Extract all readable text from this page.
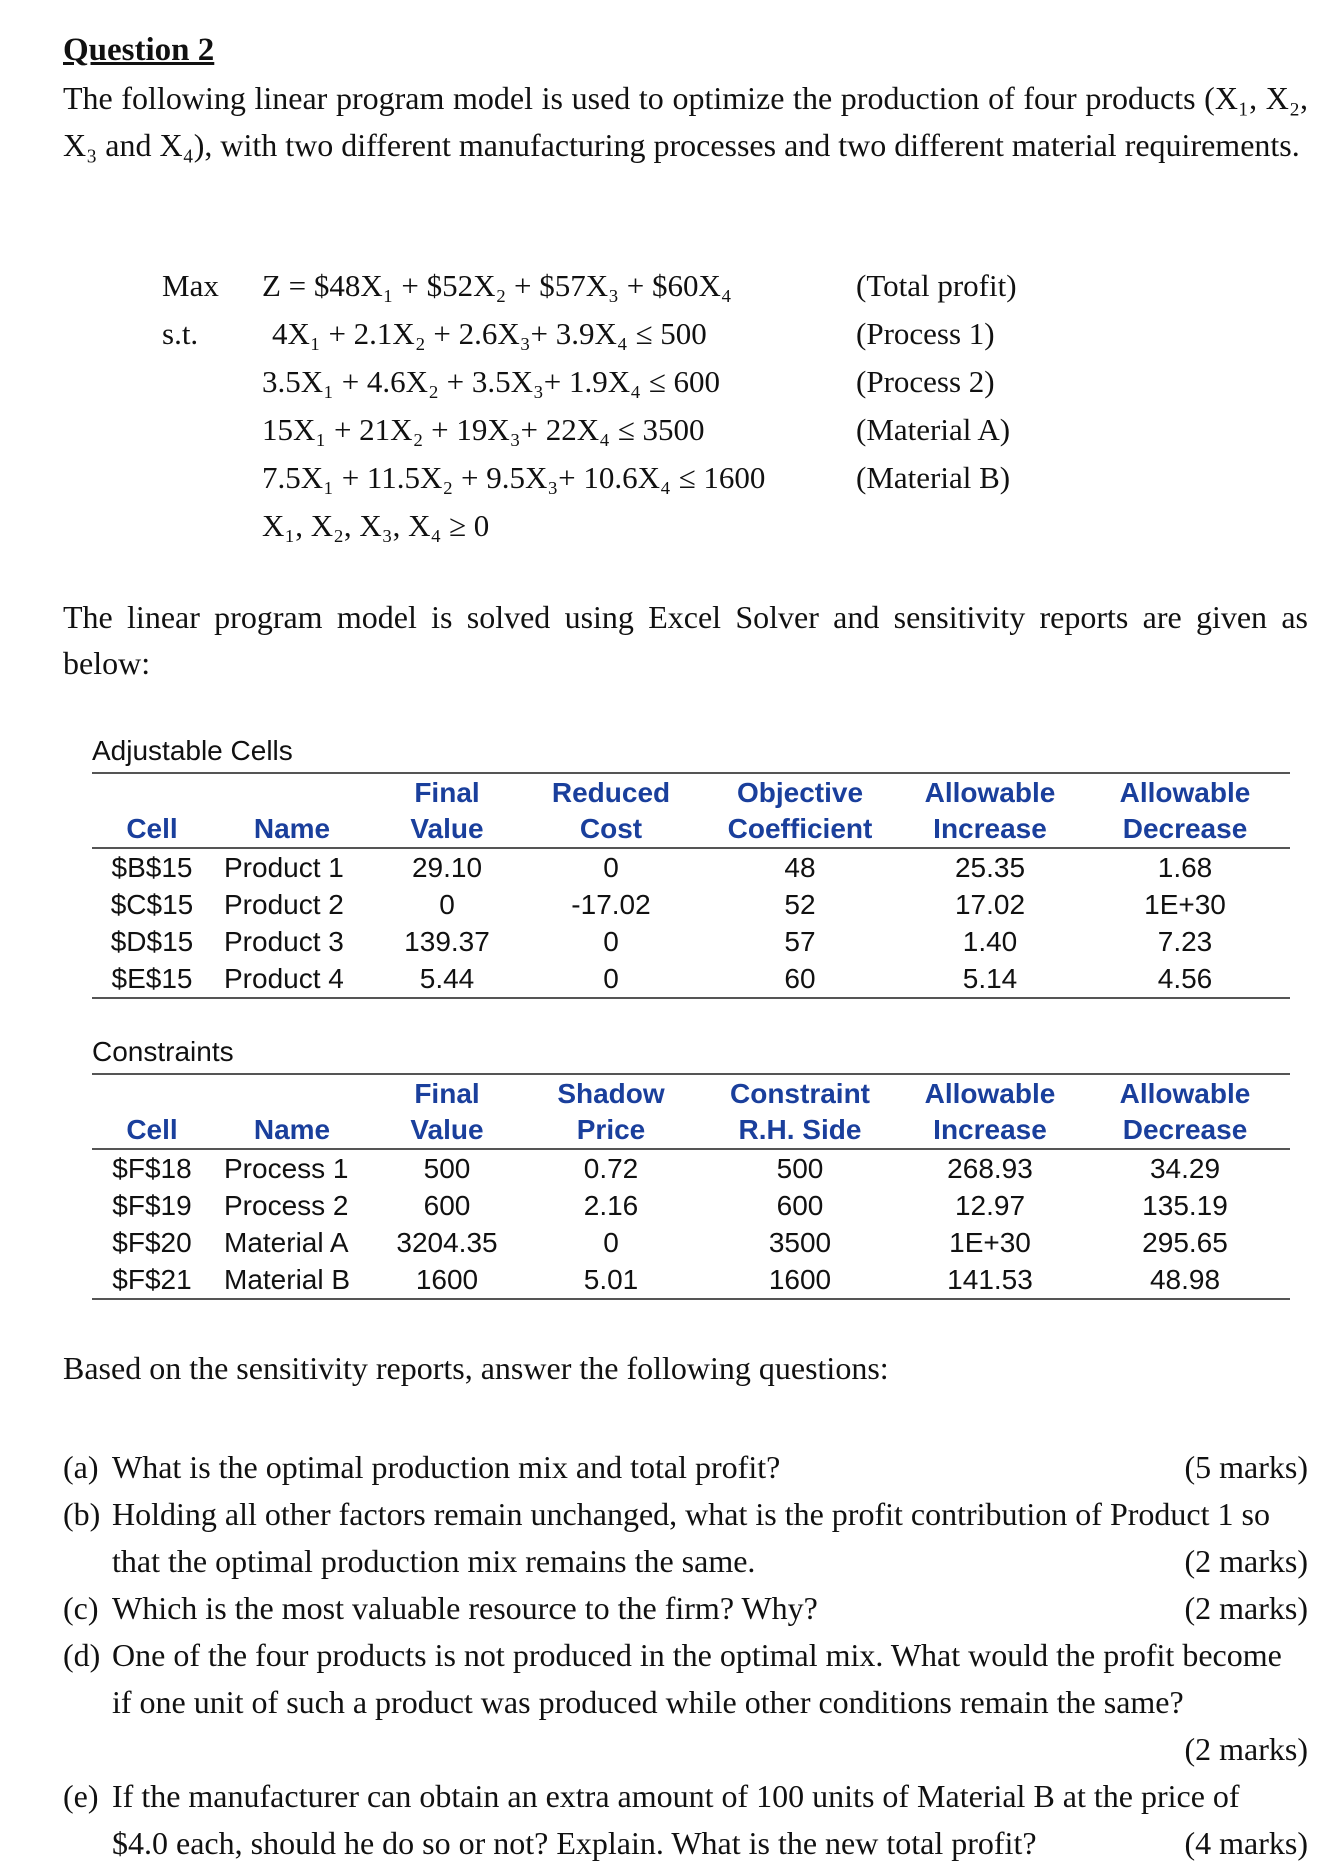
Question 2
The following linear program model is used to optimize the production of four products (X₁, X₂, X₃ and X₄), with two different manufacturing processes and two different material requirements.
Max Z = $48X₁ + $52X₂ + $57X₃ + $60X₄	(Total profit)
s.t. 4X₁ + 2.1X₂ + 2.6X₃+ 3.9X₄ ≤ 500	(Process 1)
3.5X₁ + 4.6X₂ + 3.5X₃+ 1.9X₄ ≤ 600	(Process 2)
15X₁ + 21X₂ + 19X₃+ 22X₄ ≤ 3500	(Material A)
7.5X₁ + 11.5X₂ + 9.5X₃+ 10.6X₄ ≤ 1600	(Material B)
X₁, X₂, X₃, X₄ ≥ 0
The linear program model is solved using Excel Solver and sensitivity reports are given as below:
Adjustable Cells
		Final	Reduced	Objective	Allowable	Allowable
Cell	Name	Value	Cost	Coefficient	Increase	Decrease
$B$15	Product 1	29.10	0	48	25.35	1.68
$C$15	Product 2	0	-17.02	52	17.02	1E+30
$D$15	Product 3	139.37	0	57	1.40	7.23
$E$15	Product 4	5.44	0	60	5.14	4.56
Constraints
		Final	Shadow	Constraint	Allowable	Allowable
Cell	Name	Value	Price	R.H. Side	Increase	Decrease
$F$18	Process 1	500	0.72	500	268.93	34.29
$F$19	Process 2	600	2.16	600	12.97	135.19
$F$20	Material A	3204.35	0	3500	1E+30	295.65
$F$21	Material B	1600	5.01	1600	141.53	48.98
Based on the sensitivity reports, answer the following questions:
(a) What is the optimal production mix and total profit?	(5 marks)
(b) Holding all other factors remain unchanged, what is the profit contribution of Product 1 so
that the optimal production mix remains the same.	(2 marks)
(c) Which is the most valuable resource to the firm? Why?	(2 marks)
(d) One of the four products is not produced in the optimal mix. What would the profit become
if one unit of such a product was produced while other conditions remain the same?
(2 marks)
(e) If the manufacturer can obtain an extra amount of 100 units of Material B at the price of
$4.0 each, should he do so or not? Explain. What is the new total profit?	(4 marks)
